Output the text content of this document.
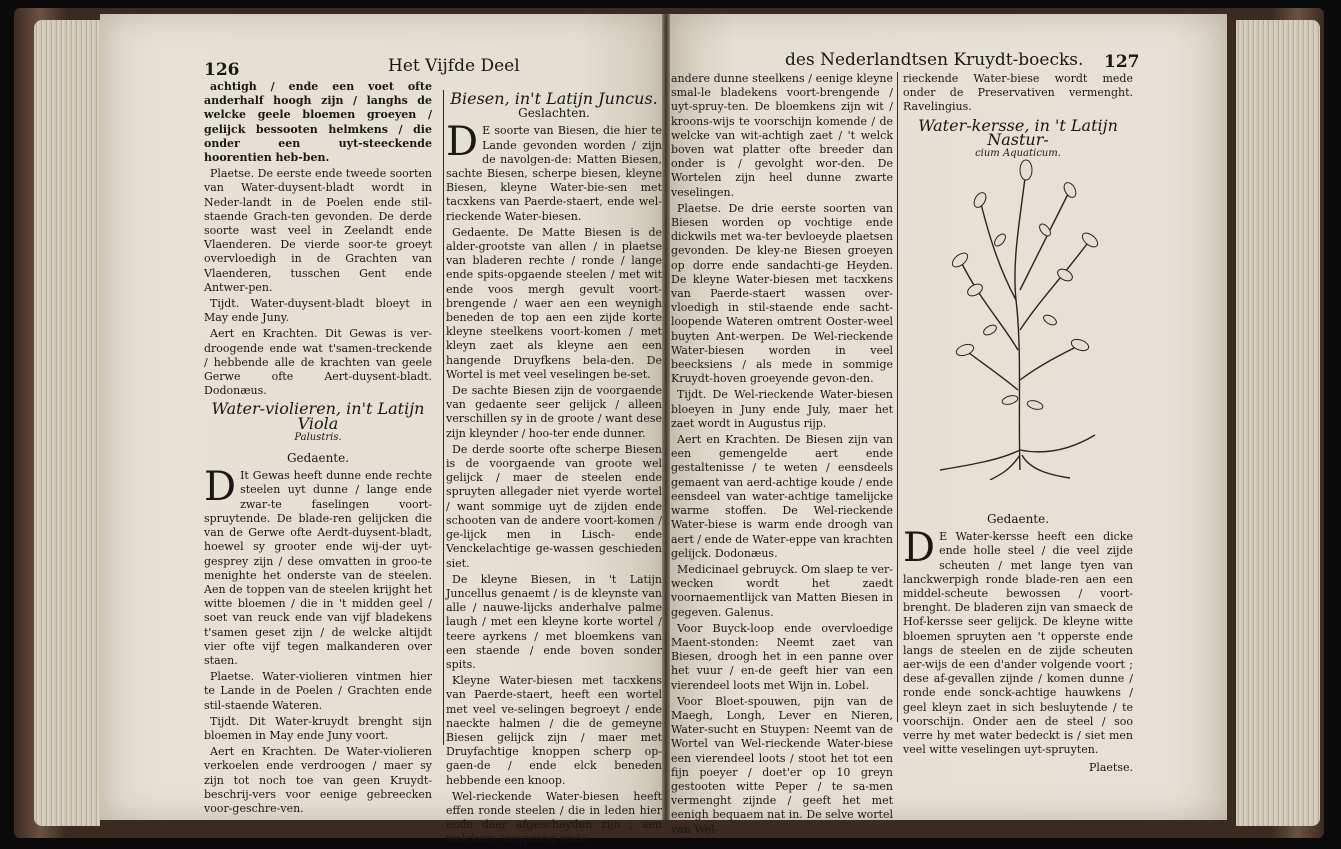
126	Het Vijfde Deel

achtigh / ende een voet ofte anderhalf hoogh zijn / langhs de welcke geele bloemen groeyen / gelijck bessooten helmkens / die onder een uyt-steeckende hoorentien heb-ben.

Plaetse. De eerste ende tweede soorten van Water-duysent-bladt wordt in Neder-landt in de Poelen ende stil-staende Grach-ten gevonden. De derde soorte wast veel in Zeelandt ende Vlaenderen. De vierde soor-te groeyt overvloedigh in de Grachten van Vlaenderen, tusschen Gent ende Antwer-pen.

Tijdt. Water-duysent-bladt bloeyt in May ende Juny.

Aert en Krachten. Dit Gewas is ver-droogende ende wat t'samen-treckende / hebbende alle de krachten van geele Gerwe ofte Aert-duysent-bladt. Dodonæus.

Water-violieren, in't Latijn Viola
Palustris.
Gedaente.

D It Gewas heeft dunne ende rechte steelen uyt dunne / lange ende zwar-te faselingen voort-spruytende. De blade-ren gelijcken die van de Gerwe ofte Aerdt-duysent-bladt, hoewel sy grooter ende wij-der uyt-gesprey zijn / dese omvatten in groo-te menighte het onderste van de steelen. Aen de toppen van de steelen krijght het witte bloemen / die in 't midden geel / soet van reuck ende van vijf bladekens t'samen geset zijn / de welcke altijdt vier ofte vijf tegen malkanderen over staen.

Plaetse. Water-violieren vintmen hier te Lande in de Poelen / Grachten ende stil-staende Wateren.

Tijdt. Dit Water-kruydt brenght sijn bloemen in May ende Juny voort.

Aert en Krachten. De Water-violieren verkoelen ende verdroogen / maer sy zijn tot noch toe van geen Kruydt-beschrij-vers voor eenige gebreecken voor-geschre-ven.

Biesen, in't Latijn Juncus.
Geslachten.

D E soorte van Biesen, die hier te Lande gevonden worden / zijn de navolgen-de: Matten Biesen, sachte Biesen, scherpe biesen, kleyne Biesen, kleyne Water-bie-sen met tacxkens van Paerde-staert, ende wel-rieckende Water-biesen.

Gedaente. De Matte Biesen is de alder-grootste van allen / in plaetse van bladeren rechte / ronde / lange ende spits-opgaende steelen / met wit ende voos mergh gevult voort-brengende / waer aen een weynigh beneden de top aen een zijde korte kleyne steelkens voort-komen / met kleyn zaet als kleyne aen een hangende Druyfkens bela-den. De Wortel is met veel veselingen be-set.

De sachte Biesen zijn de voorgaende van gedaente seer gelijck / alleen verschillen sy in de groote / want dese zijn kleynder / hoo-ter ende dunner.

De derde soorte ofte scherpe Biesen is de voorgaende van groote wel gelijck / maer de steelen ende spruyten allegader niet vyerde wortel / want sommige uyt de zijden ende schooten van de andere voort-komen / ge-lijck men in Lisch- ende Venckelachtige ge-wassen geschieden siet.

De kleyne Biesen, in 't Latijn Juncellus genaemt / is de kleynste van alle / nauwe-lijcks anderhalve palme laugh / met een kleyne korte wortel / teere ayrkens / met bloemkens van een staende / ende boven sonder spits.

Kleyne Water-biesen met tacxkens van Paerde-staert, heeft een wortel met veel ve-selingen begroeyt / ende naeckte halmen / die de gemeyne Biesen gelijck zijn / maer met Druyfachtige knoppen scherp op-gaen-de / ende elck beneden hebbende een knoop.

Wel-rieckende Water-biesen heeft effen ronde steelen / die in leden hier ende daer afgescheyden zijn ; aen welckers oorsprong ende

des Nederlandtsen Kruydt-boecks. 127

andere dunne steelkens / eenige kleyne smal-le bladekens voort-brengende / uyt-spruy-ten. De bloemkens zijn wit / kroons-wijs te voorschijn komende / de welcke van wit-achtigh zaet / 't welck boven wat platter ofte breeder dan onder is / gevolght wor-den. De Wortelen zijn heel dunne zwarte veselingen.

Plaetse. De drie eerste soorten van Biesen worden op vochtige ende dickwils met wa-ter bevloeyde plaetsen gevonden. De kley-ne Biesen groeyen op dorre ende sandachti-ge Heyden. De kleyne Water-biesen met tacxkens van Paerde-staert wassen over-vloedigh in stil-staende ende sacht-loopende Wateren omtrent Ooster-weel buyten Ant-werpen. De Wel-rieckende Water-biesen worden in veel beecksiens / als mede in sommige Kruydt-hoven groeyende gevon-den.

Tijdt. De Wel-rieckende Water-biesen bloeyen in Juny ende July, maer het zaet wordt in Augustus rijp.

Aert en Krachten. De Biesen zijn van een gemengelde aert ende gestaltenisse / te weten / eensdeels gemaent van aerd-achtige koude / ende eensdeel van water-achtige tamelijcke warme stoffen. De Wel-rieckende Water-biese is warm ende droogh van aert / ende de Water-eppe van krachten gelijck. Dodonæus.

Medicinael gebruyck. Om slaep te ver-wecken wordt het zaedt voornaementlijck van Matten Biesen in gegeven. Galenus.

Voor Buyck-loop ende overvloedige Maent-stonden: Neemt zaet van Biesen, droogh het in een panne over het vuur / en-de geeft hier van een vierendeel loots met Wijn in. Lobel.

Voor Bloet-spouwen, pijn van de Maegh, Longh, Lever en Nieren, Water-sucht en Stuypen: Neemt van de Wortel van Wel-rieckende Water-biese een vierendeel loots / stoot het tot een fijn poeyer / doet'er op 10 greyn gestooten witte Peper / te sa-men vermenght zijnde / geeft het met eenigh bequaem nat in. De selve wortel van Wel-

rieckende Water-biese wordt mede onder de Preservativen vermenght. Ravelingius.

Water-kersse, in 't Latijn Nastur-
cium Aquaticum.
Gedaente.

D E Water-kersse heeft een dicke ende holle steel / die veel zijde scheuten / met lange tyen van lanckwerpigh ronde blade-ren aen een middel-scheute bewossen / voort-brenght. De bladeren zijn van smaeck de Hof-kersse seer gelijck. De kleyne witte bloemen spruyten aen 't opperste ende langs de steelen en de zijde scheuten aer-wijs de een d'ander volgende voort ; dese af-gevallen zijnde / komen dunne / ronde ende sonck-achtige hauwkens / geel kleyn zaet in sich besluytende / te voorschijn. Onder aen de steel / soo verre hy met water bedeckt is / siet men veel witte veselingen uyt-spruyten.

Plaetse.
